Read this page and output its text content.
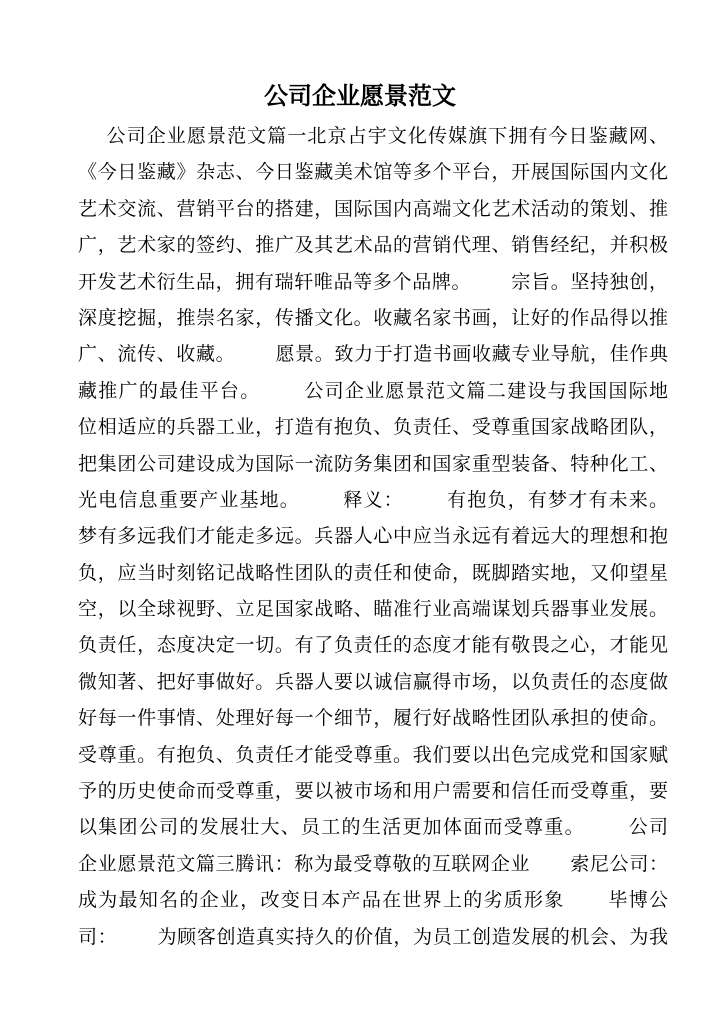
公司企业愿景范文
公司企业愿景范文篇一北京占宇文化传媒旗下拥有今日鉴藏网、
《今日鉴藏》杂志、今日鉴藏美术馆等多个平台，开展国际国内文化
艺术交流、营销平台的搭建，国际国内高端文化艺术活动的策划、推
广，艺术家的签约、推广及其艺术品的营销代理、销售经纪，并积极
开发艺术衍生品，拥有瑞轩唯品等多个品牌。      宗旨。坚持独创，
深度挖掘，推崇名家，传播文化。收藏名家书画，让好的作品得以推
广、流传、收藏。      愿景。致力于打造书画收藏专业导航，佳作典
藏推广的最佳平台。      公司企业愿景范文篇二建设与我国国际地
位相适应的兵器工业，打造有抱负、负责任、受尊重国家战略团队，
把集团公司建设成为国际一流防务集团和国家重型装备、特种化工、
光电信息重要产业基地。      释义：      有抱负，有梦才有未来。
梦有多远我们才能走多远。兵器人心中应当永远有着远大的理想和抱
负，应当时刻铭记战略性团队的责任和使命，既脚踏实地，又仰望星
空，以全球视野、立足国家战略、瞄准行业高端谋划兵器事业发展。
负责任，态度决定一切。有了负责任的态度才能有敬畏之心，才能见
微知著、把好事做好。兵器人要以诚信赢得市场，以负责任的态度做
好每一件事情、处理好每一个细节，履行好战略性团队承担的使命。
受尊重。有抱负、负责任才能受尊重。我们要以出色完成党和国家赋
予的历史使命而受尊重，要以被市场和用户需要和信任而受尊重，要
以集团公司的发展壮大、员工的生活更加体面而受尊重。      公司
企业愿景范文篇三腾讯：称为最受尊敬的互联网企业      索尼公司：
成为最知名的企业，改变日本产品在世界上的劣质形象      毕博公
司：      为顾客创造真实持久的价值，为员工创造发展的机会、为我
